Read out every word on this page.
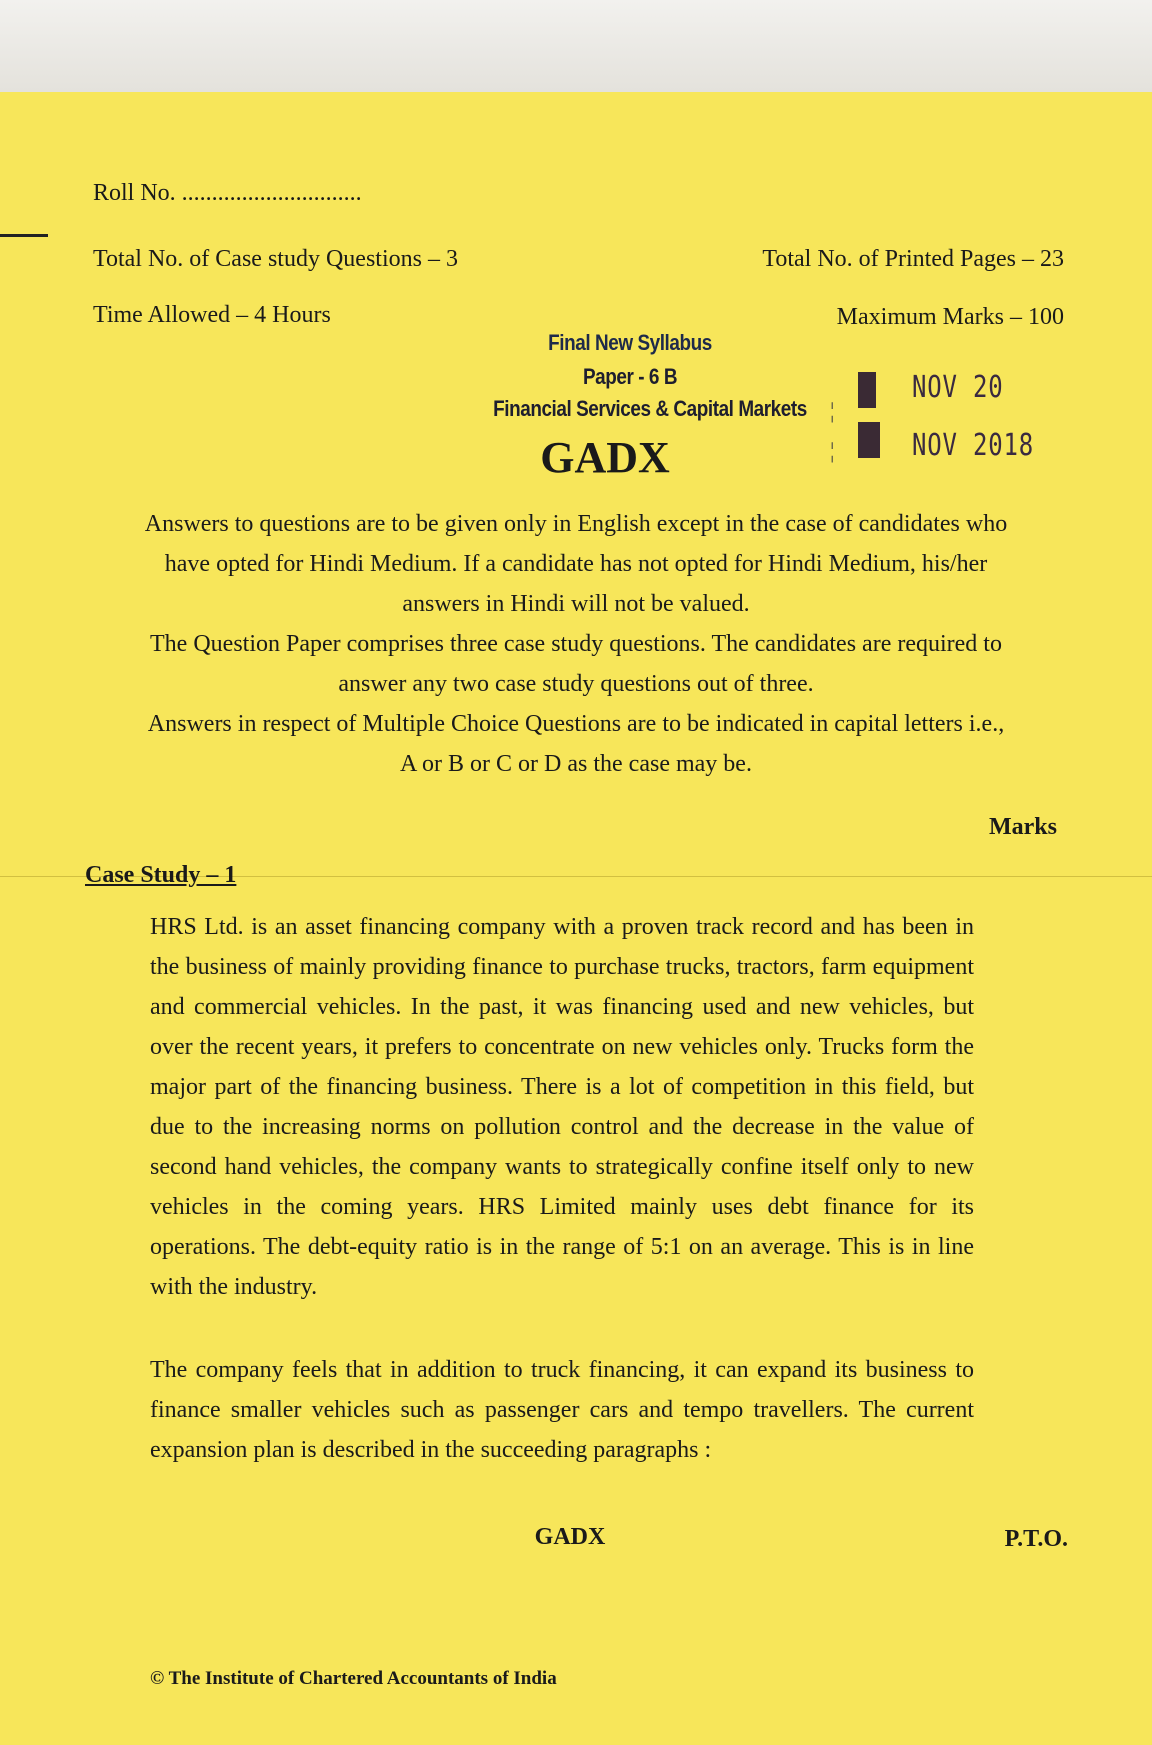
Roll No. ..............................
Total No. of Case study Questions – 3	Total No. of Printed Pages – 23
Time Allowed – 4 Hours	Maximum Marks – 100
Final New Syllabus
Paper - 6 B
Financial Services & Capital Markets
GADX
¦
¦
NOV 20
NOV 2018
Answers to questions are to be given only in English except in the case of candidates who
have opted for Hindi Medium. If a candidate has not opted for Hindi Medium, his/her
answers in Hindi will not be valued.
The Question Paper comprises three case study questions. The candidates are required to
answer any two case study questions out of three.
Answers in respect of Multiple Choice Questions are to be indicated in capital letters i.e.,
A or B or C or D as the case may be.
Marks
Case Study – 1
HRS Ltd. is an asset financing company with a proven track record and has been in the business of mainly providing finance to purchase trucks, tractors, farm equipment and commercial vehicles. In the past, it was financing used and new vehicles, but over the recent years, it prefers to concentrate on new vehicles only. Trucks form the major part of the financing business. There is a lot of competition in this field, but due to the increasing norms on pollution control and the decrease in the value of second hand vehicles, the company wants to strategically confine itself only to new vehicles in the coming years. HRS Limited mainly uses debt finance for its operations. The debt-equity ratio is in the range of 5:1 on an average. This is in line with the industry.
The company feels that in addition to truck financing, it can expand its business to finance smaller vehicles such as passenger cars and tempo travellers. The current expansion plan is described in the succeeding paragraphs :
GADX	P.T.O.
© The Institute of Chartered Accountants of India
